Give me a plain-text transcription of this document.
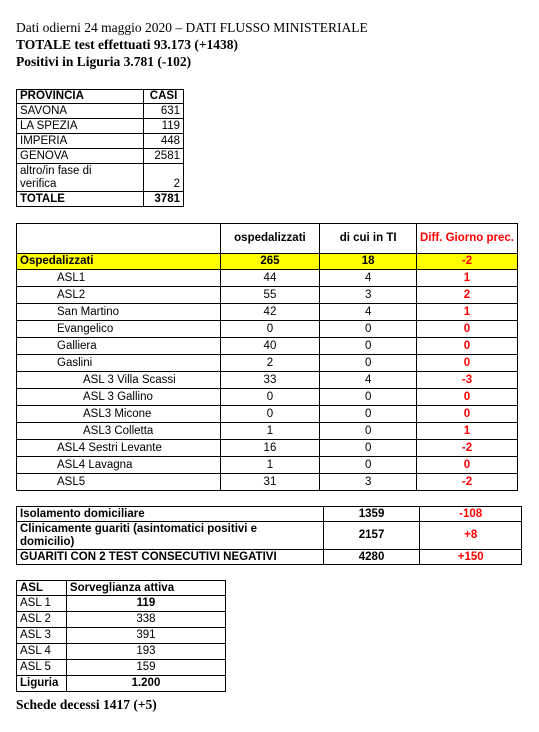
Dati odierni 24 maggio 2020 – DATI FLUSSO MINISTERIALE
TOTALE test effettuati 93.173 (+1438)
Positivi in Liguria 3.781 (-102)
PROVINCIA	CASI
SAVONA	631
LA SPEZIA	119
IMPERIA	448
GENOVA	2581

altro/in fase di
verifica	2
TOTALE	3781
	ospedalizzati	di cui in TI	Diff. Giorno prec.
Ospedalizzati	265	18	-2
ASL1	44	4	1
ASL2	55	3	2
San Martino	42	4	1
Evangelico	0	0	0
Galliera	40	0	0
Gaslini	2	0	0
ASL 3 Villa Scassi	33	4	-3
ASL 3 Gallino	0	0	0
ASL3 Micone	0	0	0
ASL3 Colletta	1	0	1
ASL4 Sestri Levante	16	0	-2
ASL4 Lavagna	1	0	0
ASL5	31	3	-2
Isolamento domiciliare	1359	-108

Clinicamente guariti (asintomatici positivi e
domicilio)	2157	+8
GUARITI CON 2 TEST CONSECUTIVI NEGATIVI	4280	+150
ASL	Sorveglianza attiva
ASL 1	119
ASL 2	338
ASL 3	391
ASL 4	193
ASL 5	159
Liguria	1.200
Schede decessi 1417 (+5)
